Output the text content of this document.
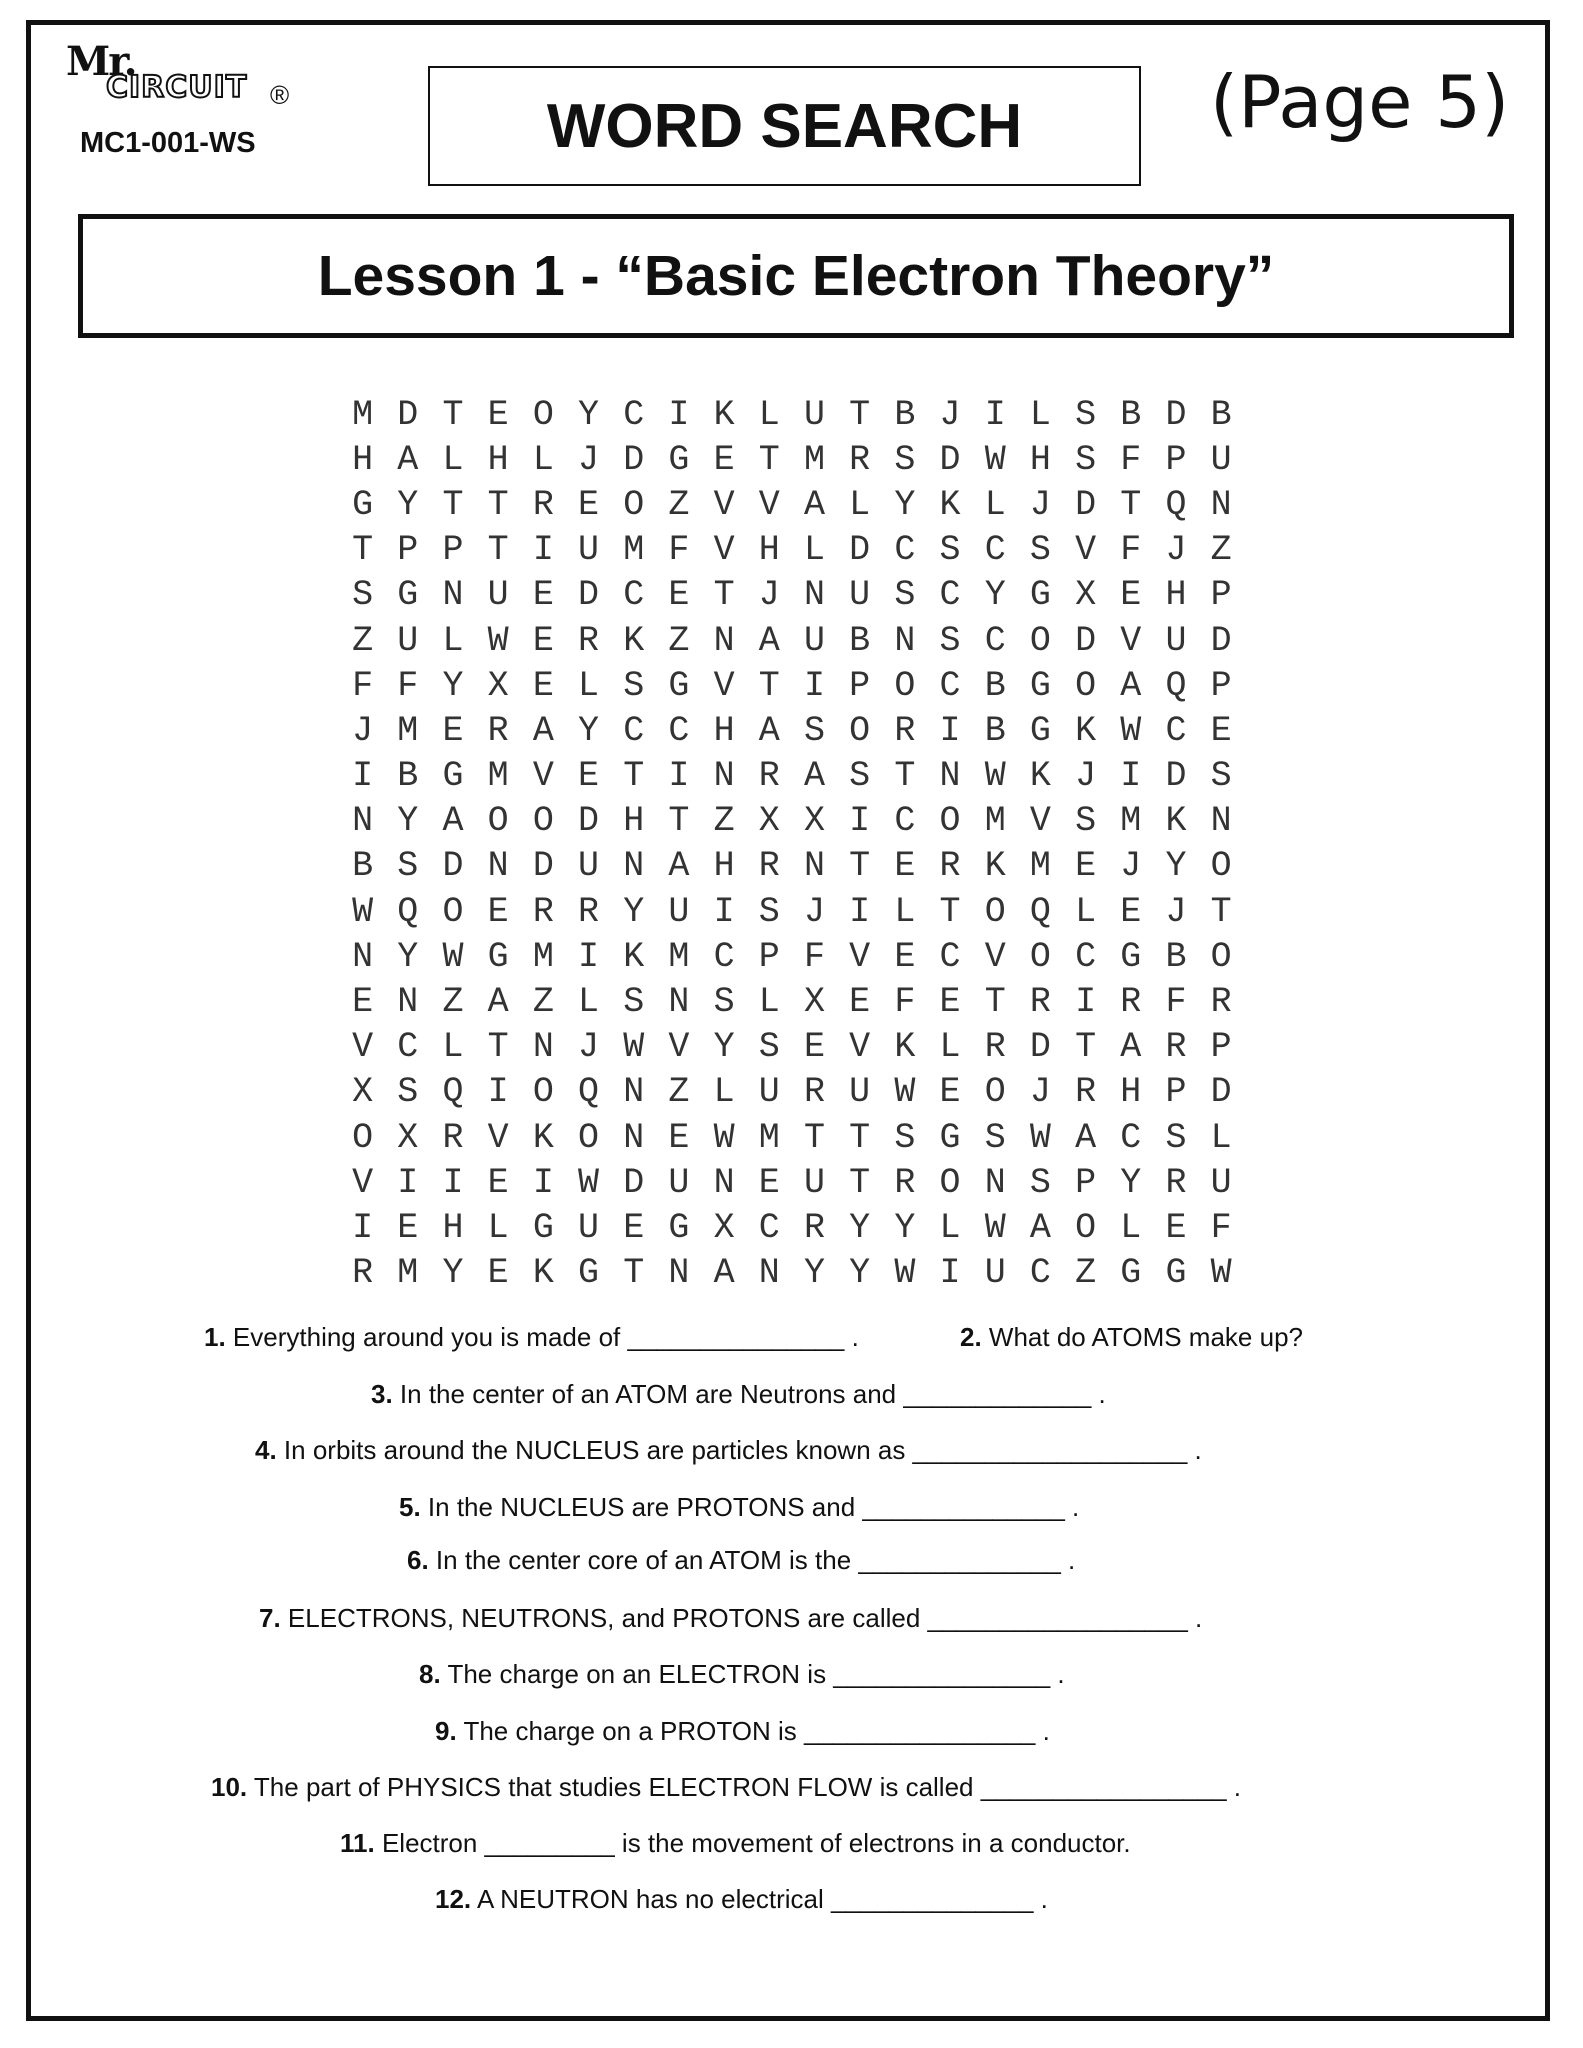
Mr.
CIRCUIT ®
MC1-001-WS	WORD SEARCH	(Page 5)
Lesson 1 - “Basic Electron Theory”
M D T E O Y C I K L U T B J I L S B D B
H A L H L J D G E T M R S D W H S F P U
G Y T T R E O Z V V A L Y K L J D T Q N
T P P T I U M F V H L D C S C S V F J Z
S G N U E D C E T J N U S C Y G X E H P
Z U L W E R K Z N A U B N S C O D V U D
F F Y X E L S G V T I P O C B G O A Q P
J M E R A Y C C H A S O R I B G K W C E
I B G M V E T I N R A S T N W K J I D S
N Y A O O D H T Z X X I C O M V S M K N
B S D N D U N A H R N T E R K M E J Y O
W Q O E R R Y U I S J I L T O Q L E J T
N Y W G M I K M C P F V E C V O C G B O
E N Z A Z L S N S L X E F E T R I R F R
V C L T N J W V Y S E V K L R D T A R P
X S Q I O Q N Z L U R U W E O J R H P D
O X R V K O N E W M T T S G S W A C S L
V I I E I W D U N E U T R O N S P Y R U
I E H L G U E G X C R Y Y L W A O L E F
R M Y E K G T N A N Y Y W I U C Z G G W
1. Everything around you is made of _______________ .	2. What do ATOMS make up?
3. In the center of an ATOM are Neutrons and _____________ .
4. In orbits around the NUCLEUS are particles known as ___________________ .
5. In the NUCLEUS are PROTONS and ______________ .
6. In the center core of an ATOM is the ______________ .
7. ELECTRONS, NEUTRONS, and PROTONS are called __________________ .
8. The charge on an ELECTRON is _______________ .
9. The charge on a PROTON is ________________ .
10. The part of PHYSICS that studies ELECTRON FLOW is called _________________ .
11. Electron _________ is the movement of electrons in a conductor.
12. A NEUTRON has no electrical ______________ .
